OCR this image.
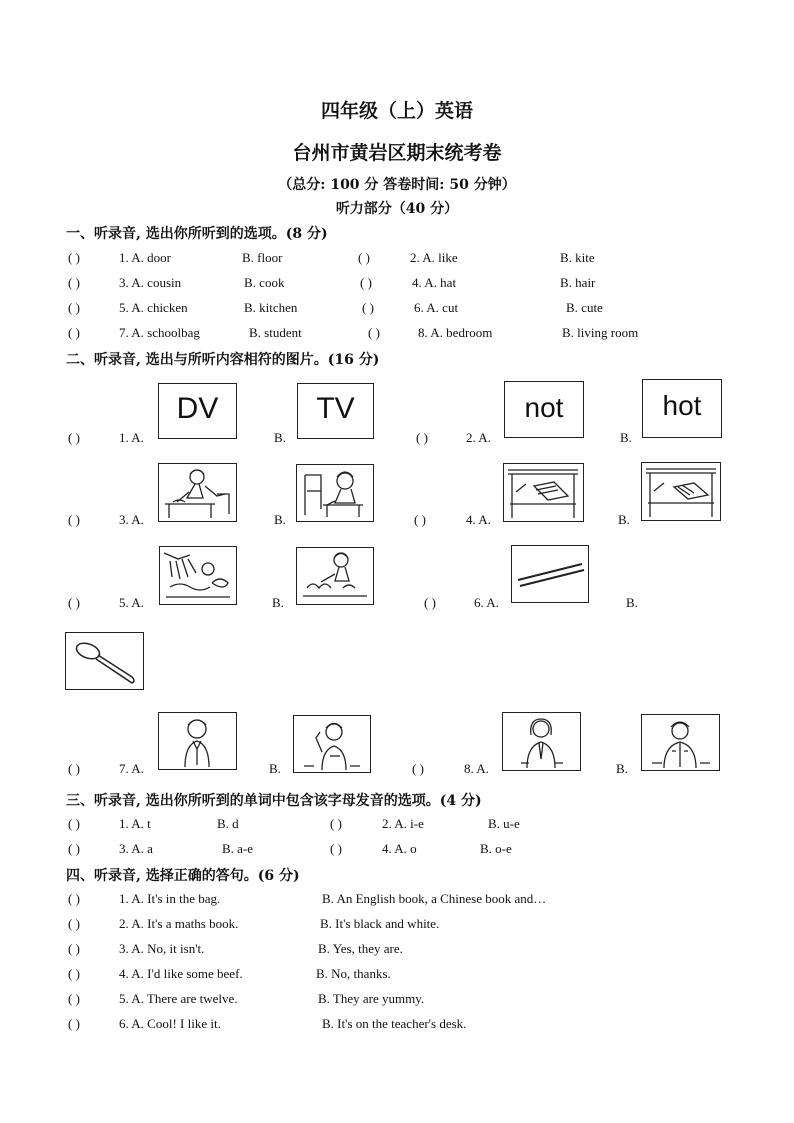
四年级（上）英语
台州市黄岩区期末统考卷
（总分: 100 分 答卷时间: 50 分钟）
听力部分（40 分）
一、听录音, 选出你所听到的选项。(8 分)
( )	1. A. door	B. floor	( )	2. A. like	B. kite
( )	3. A. cousin	B. cook	( )	4. A. hat	B. hair
( )	5. A. chicken	B. kitchen	( )	6. A. cut	B. cute
( )	7. A. schoolbag	B. student	( )	8. A. bedroom	B. living room
二、听录音, 选出与所听内容相符的图片。(16 分)
DV	TV	not	hot
( )	1. A.	B.	( )	2. A.	B.
( )	3. A.	B.	( )	4. A.	B.
( )	5. A.	B.	( )	6. A.	B.
( )	7. A.	B.	( )	8. A.	B.
三、听录音, 选出你所听到的单词中包含该字母发音的选项。(4 分)
( )	1. A. t	B. d	( )	2. A. i-e	B. u-e
( )	3. A. a	B. a-e	( )	4. A. o	B. o-e
四、听录音, 选择正确的答句。(6 分)
( )	1. A. It's in the bag.	B. An English book, a Chinese book and…
( )	2. A. It's a maths book.	B. It's black and white.
( )	3. A. No, it isn't.	B. Yes, they are.
( )	4. A. I'd like some beef.	B. No, thanks.
( )	5. A. There are twelve.	B. They are yummy.
( )	6. A. Cool! I like it.	B. It's on the teacher's desk.
